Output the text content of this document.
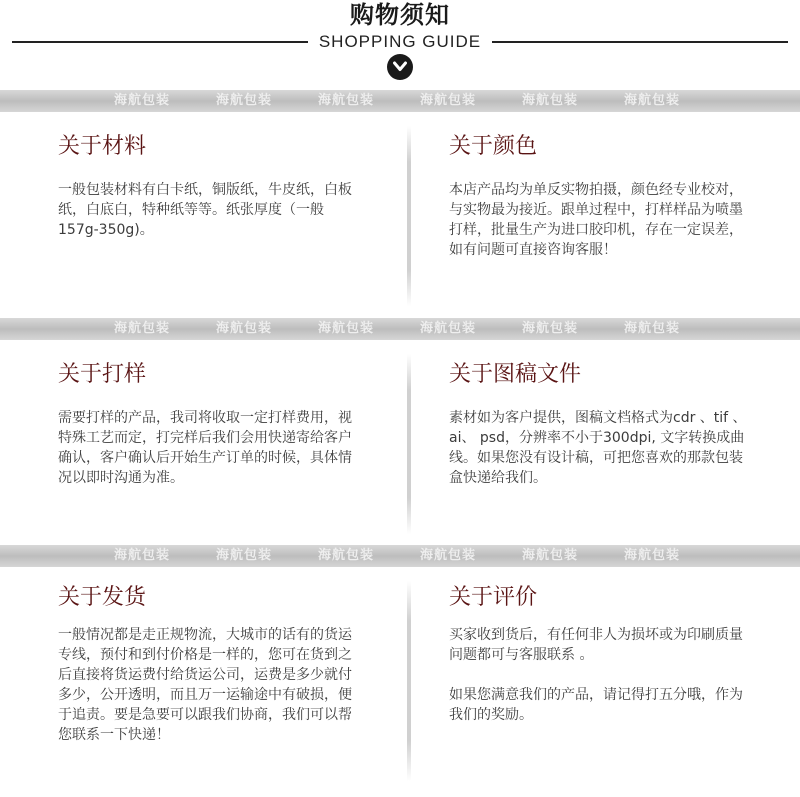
购物须知
SHOPPING GUIDE
海航包装	海航包装	海航包装	海航包装	海航包装	海航包装
关于材料

一般包装材料有白卡纸，铜版纸，牛皮纸，白板纸，白底白，特种纸等等。纸张厚度（一般157g-350g)。

关于颜色

本店产品均为单反实物拍摄，颜色经专业校对，与实物最为接近。跟单过程中，打样样品为喷墨打样，批量生产为进口胶印机，存在一定误差，如有问题可直接咨询客服！

海航包装	海航包装	海航包装	海航包装	海航包装	海航包装
关于打样

需要打样的产品，我司将收取一定打样费用，视特殊工艺而定，打完样后我们会用快递寄给客户确认，客户确认后开始生产订单的时候，具体情况以即时沟通为准。

关于图稿文件

素材如为客户提供，图稿文档格式为cdr 、tif 、ai、 psd，分辨率不小于300dpi, 文字转换成曲线。如果您没有设计稿，可把您喜欢的那款包装盒快递给我们。

海航包装	海航包装	海航包装	海航包装	海航包装	海航包装
关于发货

一般情况都是走正规物流，大城市的话有的货运专线，预付和到付价格是一样的，您可在货到之后直接将货运费付给货运公司，运费是多少就付多少，公开透明，而且万一运输途中有破损，便于追责。要是急要可以跟我们协商，我们可以帮您联系一下快递！

关于评价

买家收到货后，有任何非人为损坏或为印刷质量问题都可与客服联系 。

如果您满意我们的产品，请记得打五分哦，作为我们的奖励。
